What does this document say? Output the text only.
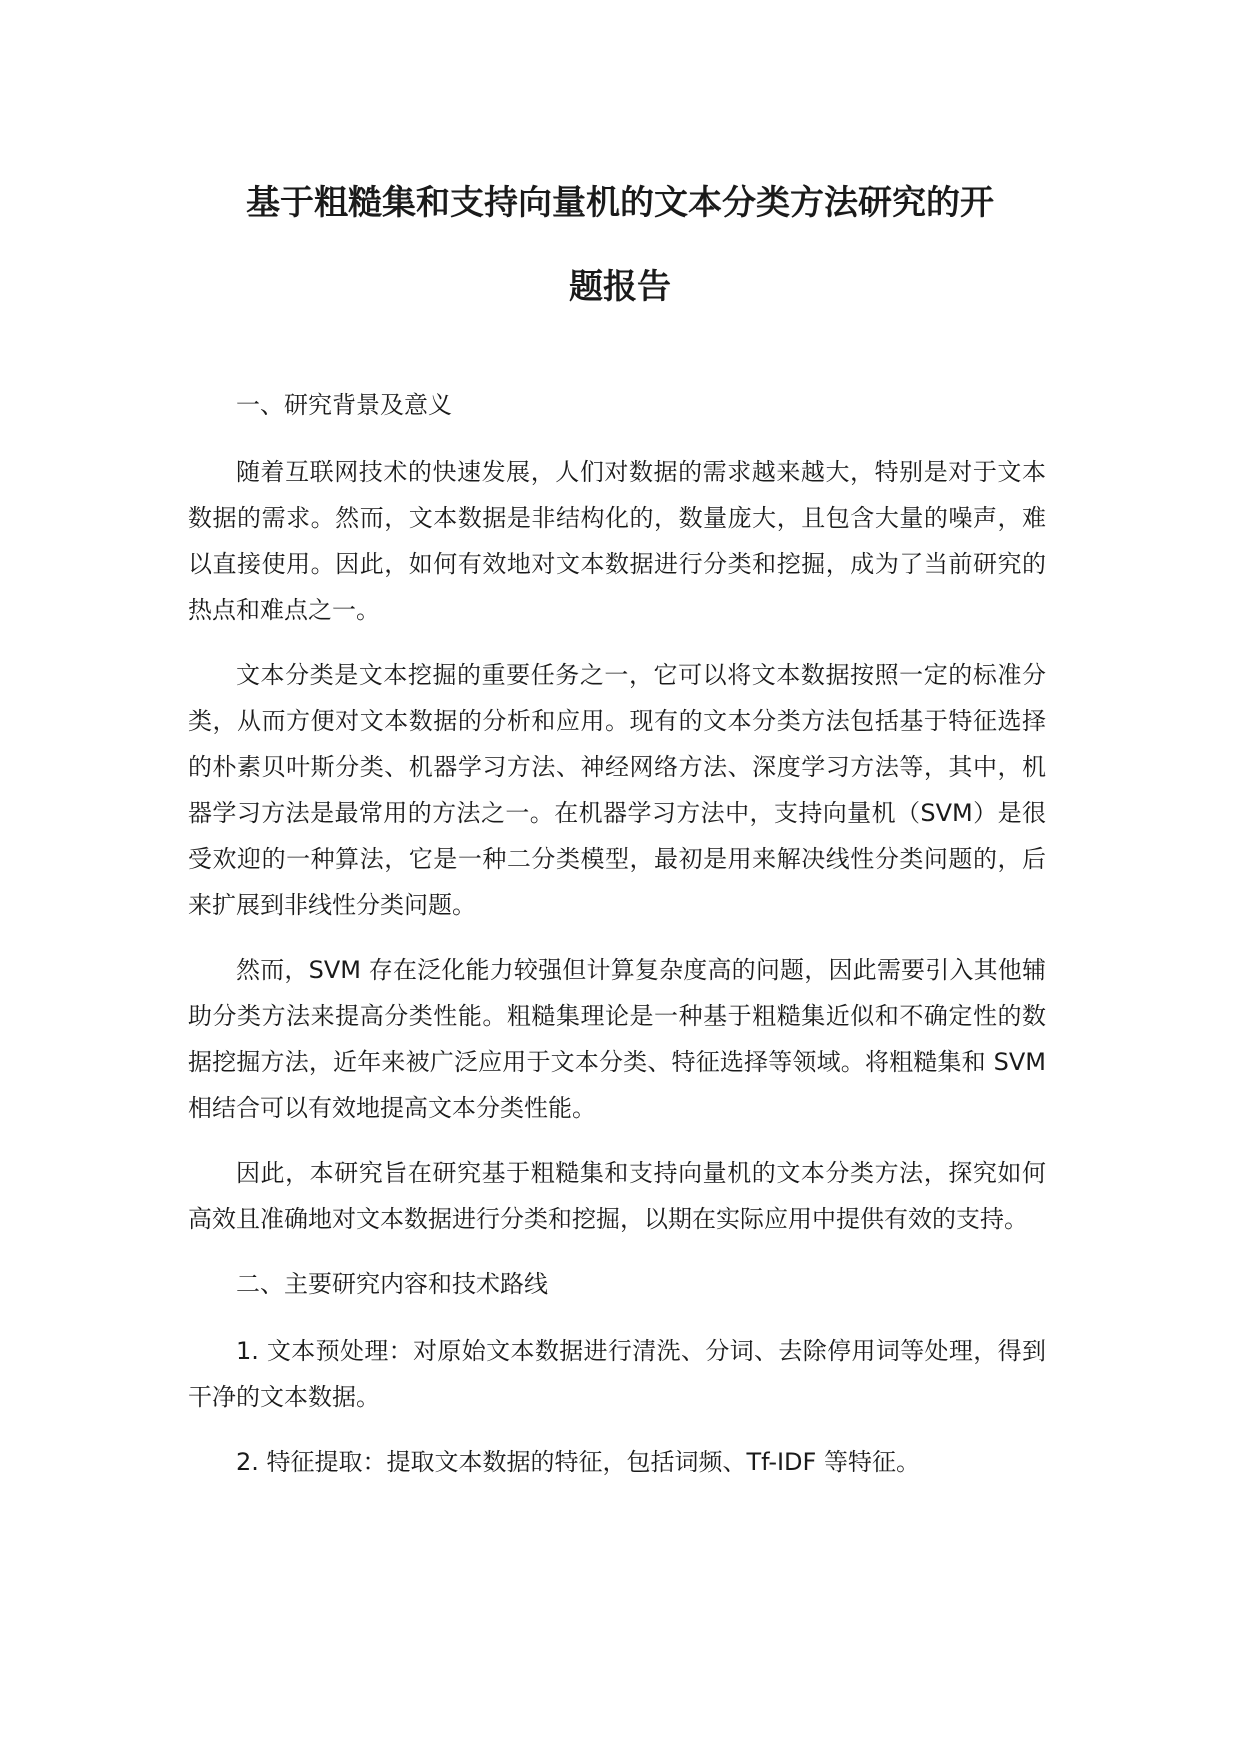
基于粗糙集和支持向量机的文本分类方法研究的开
题报告

一、研究背景及意义

随着互联网技术的快速发展，人们对数据的需求越来越大，特别是对于文本数据的需求。然而，文本数据是非结构化的，数量庞大，且包含大量的噪声，难以直接使用。因此，如何有效地对文本数据进行分类和挖掘，成为了当前研究的热点和难点之一。

文本分类是文本挖掘的重要任务之一，它可以将文本数据按照一定的标准分类，从而方便对文本数据的分析和应用。现有的文本分类方法包括基于特征选择的朴素贝叶斯分类、机器学习方法、神经网络方法、深度学习方法等，其中，机器学习方法是最常用的方法之一。在机器学习方法中，支持向量机（SVM）是很受欢迎的一种算法，它是一种二分类模型，最初是用来解决线性分类问题的，后来扩展到非线性分类问题。

然而，SVM 存在泛化能力较强但计算复杂度高的问题，因此需要引入其他辅助分类方法来提高分类性能。粗糙集理论是一种基于粗糙集近似和不确定性的数据挖掘方法，近年来被广泛应用于文本分类、特征选择等领域。将粗糙集和 SVM 相结合可以有效地提高文本分类性能。

因此，本研究旨在研究基于粗糙集和支持向量机的文本分类方法，探究如何高效且准确地对文本数据进行分类和挖掘，以期在实际应用中提供有效的支持。

二、主要研究内容和技术路线

1. 文本预处理：对原始文本数据进行清洗、分词、去除停用词等处理，得到干净的文本数据。

2. 特征提取：提取文本数据的特征，包括词频、Tf-IDF 等特征。
